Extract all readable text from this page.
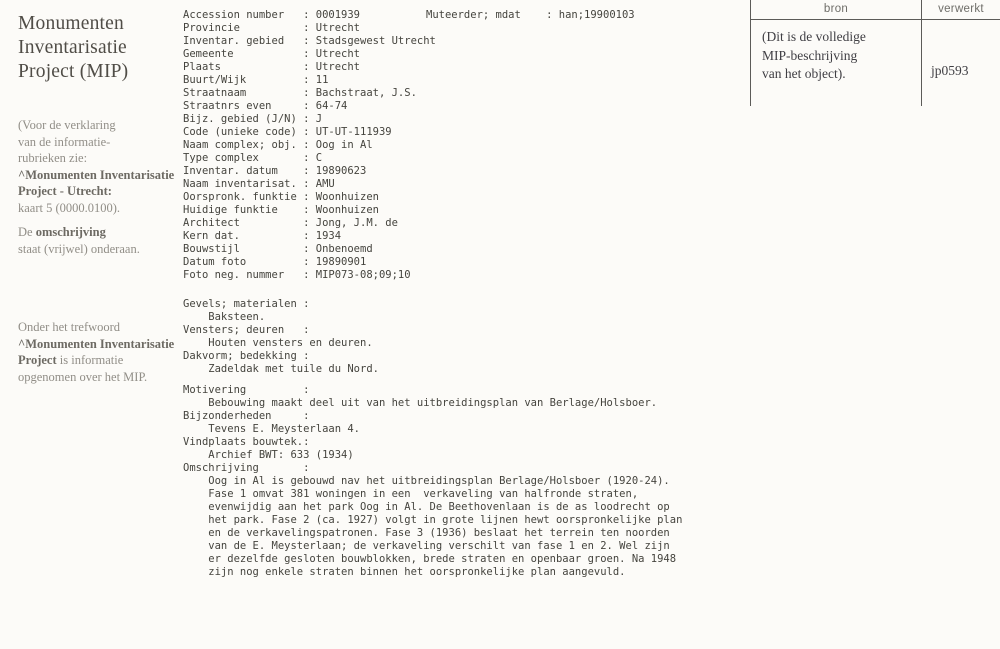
Monumenten
Inventarisatie
Project (MIP)
(Voor de verklaring
van de informatie-
rubrieken zie:
^Monumenten Inventarisatie
Project - Utrecht:
kaart 5 (0000.0100).
De omschrijving
staat (vrijwel) onderaan.
Onder het trefwoord
^Monumenten Inventarisatie
Project is informatie
opgenomen over het MIP.
Accession number   : 0001939	Muteerder; mdat    : han;19900103
Provincie          : Utrecht
Inventar. gebied   : Stadsgewest Utrecht
Gemeente           : Utrecht
Plaats             : Utrecht
Buurt/Wijk         : 11
Straatnaam         : Bachstraat, J.S.
Straatnrs even     : 64-74
Bijz. gebied (J/N) : J
Code (unieke code) : UT-UT-111939
Naam complex; obj. : Oog in Al
Type complex       : C
Inventar. datum    : 19890623
Naam inventarisat. : AMU
Oorspronk. funktie : Woonhuizen
Huidige funktie    : Woonhuizen
Architect          : Jong, J.M. de
Kern dat.          : 1934
Bouwstijl          : Onbenoemd
Datum foto         : 19890901
Foto neg. nummer   : MIP073-08;09;10
Gevels; materialen :
Baksteen.
Vensters; deuren   :
Houten vensters en deuren.
Dakvorm; bedekking :
Zadeldak met tuile du Nord.
Motivering         :
Bebouwing maakt deel uit van het uitbreidingsplan van Berlage/Holsboer.
Bijzonderheden     :
Tevens E. Meysterlaan 4.
Vindplaats bouwtek.:
Archief BWT: 633 (1934)
Omschrijving       :
Oog in Al is gebouwd nav het uitbreidingsplan Berlage/Holsboer (1920-24).
Fase 1 omvat 381 woningen in een  verkaveling van halfronde straten,
evenwijdig aan het park Oog in Al. De Beethovenlaan is de as loodrecht op
het park. Fase 2 (ca. 1927) volgt in grote lijnen hewt oorspronkelijke plan
en de verkavelingspatronen. Fase 3 (1936) beslaat het terrein ten noorden
van de E. Meysterlaan; de verkaveling verschilt van fase 1 en 2. Wel zijn
er dezelfde gesloten bouwblokken, brede straten en openbaar groen. Na 1948
zijn nog enkele straten binnen het oorspronkelijke plan aangevuld.
bron	verwerkt
(Dit is de volledige
MIP-beschrijving
van het object).	jp0593
